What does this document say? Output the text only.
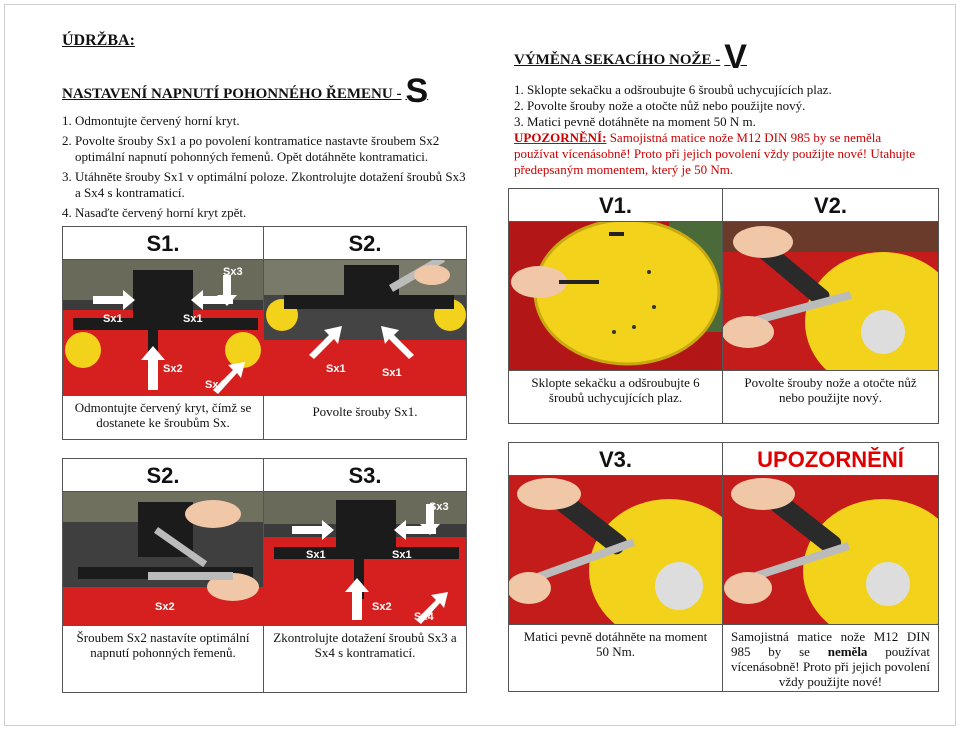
ÚDRŽBA:
NASTAVENÍ NAPNUTÍ POHONNÉHO ŘEMENU - S
1. Odmontujte červený horní kryt.
2. Povolte šrouby Sx1 a po povolení kontramatice nastavte šroubem Sx2
optimální napnutí pohonných řemenů. Opět dotáhněte kontramatici.
3. Utáhněte šrouby Sx1 v optimální poloze. Zkontrolujte dotažení šroubů Sx3
a Sx4 s kontramaticí.
4. Nasaďte červený horní kryt zpět.
VÝMĚNA SEKACÍHO NOŽE - V
1. Sklopte sekačku a odšroubujte 6 šroubů uchycujících plaz.
2. Povolte šrouby nože a otočte nůž nebo použijte nový.
3. Matici pevně dotáhněte na moment 50 N m.
UPOZORNĚNÍ: Samojistná matice nože M12 DIN 985 by se neměla
používat vícenásobně! Proto při jejich povolení vždy použijte nové! Utahujte
předepsaným momentem, který je 50 Nm.
S1.
Sx3
Sx1	Sx1
Sx2
Sx4
Odmontujte červený kryt, čímž se dostanete ke šroubům Sx.
S2.
Sx1	Sx1
Povolte šrouby Sx1.
S2.
Sx2
Šroubem Sx2 nastavíte optimální napnutí pohonných řemenů.
S3.
Sx3
Sx1	Sx1
Sx2
Sx4
Zkontrolujte dotažení šroubů Sx3 a Sx4 s kontramaticí.
V1.
Sklopte sekačku a odšroubujte 6 šroubů uchycujících plaz.
V2.
Povolte šrouby nože a otočte nůž nebo použijte nový.
V3.
Matici pevně dotáhněte na moment 50 Nm.
UPOZORNĚNÍ
Samojistná matice nože M12 DIN 985 by se neměla používat vícenásobně! Proto při jejich povolení vždy použijte nové!
